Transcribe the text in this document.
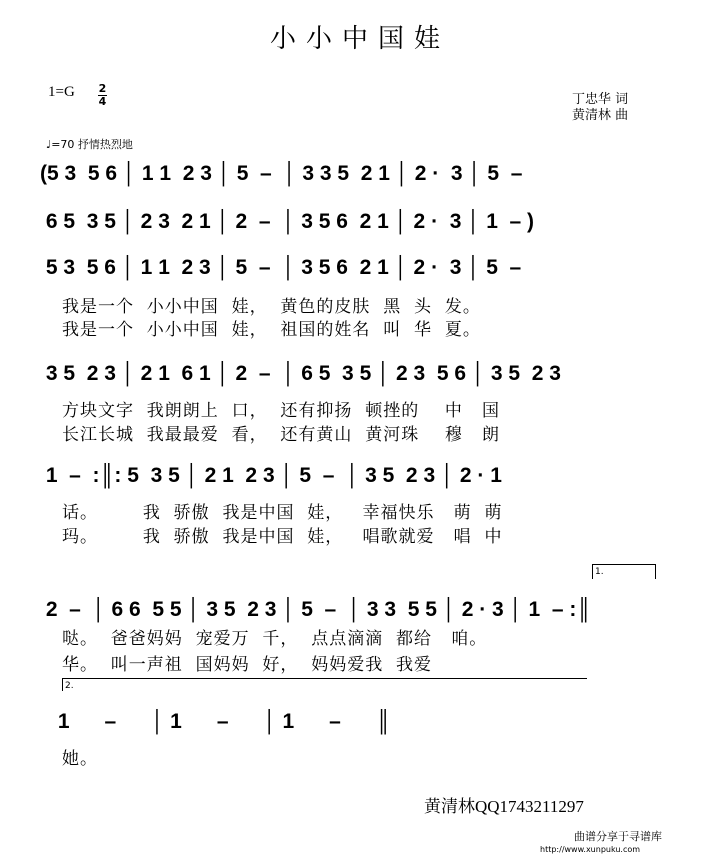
小小中国娃
1=G 2
4	丁忠华 词
黄清林 曲
♩=70 抒情热烈地
(5 3  5 6 │ 1 1  2 3 │ 5  –  │ 3 3 5  2 1 │ 2 ·  3 │ 5  –
6 5  3 5 │ 2 3  2 1 │ 2  –  │ 3 5 6  2 1 │ 2 ·  3 │ 1  – )
5 3  5 6 │ 1 1  2 3 │ 5  –  │ 3 5 6  2 1 │ 2 ·  3 │ 5  –
我是一个  小小中国  娃，  黄色的皮肤  黑  头  发。
我是一个  小小中国  娃，  祖国的姓名  叫  华  夏。
3 5  2 3 │ 2 1  6 1 │ 2  –  │ 6 5  3 5 │ 2 3  5 6 │ 3 5  2 3
方块文字  我朗朗上  口，  还有抑扬  顿挫的    中   国
长江长城  我最最爱  看，  还有黄山  黄河珠    穆   朗
1  –  :║: 5  3 5 │ 2 1  2 3 │ 5  –  │ 3 5  2 3 │ 2 · 1
话。       我  骄傲  我是中国  娃，   幸福快乐   萌  萌
玛。       我  骄傲  我是中国  娃，   唱歌就爱   唱  中
1.
2  –  │ 6 6  5 5 │ 3 5  2 3 │ 5  –  │ 3 3  5 5 │ 2 · 3 │ 1  – :║
哒。  爸爸妈妈  宠爱万  千，  点点滴滴  都给   咱。
华。  叫一声祖  国妈妈  好，  妈妈爱我  我爱
2.
1      –      │ 1      –      │ 1      –      ║
她。
黄清林QQ1743211297
曲谱分享于寻谱库
http://www.xunpuku.com
